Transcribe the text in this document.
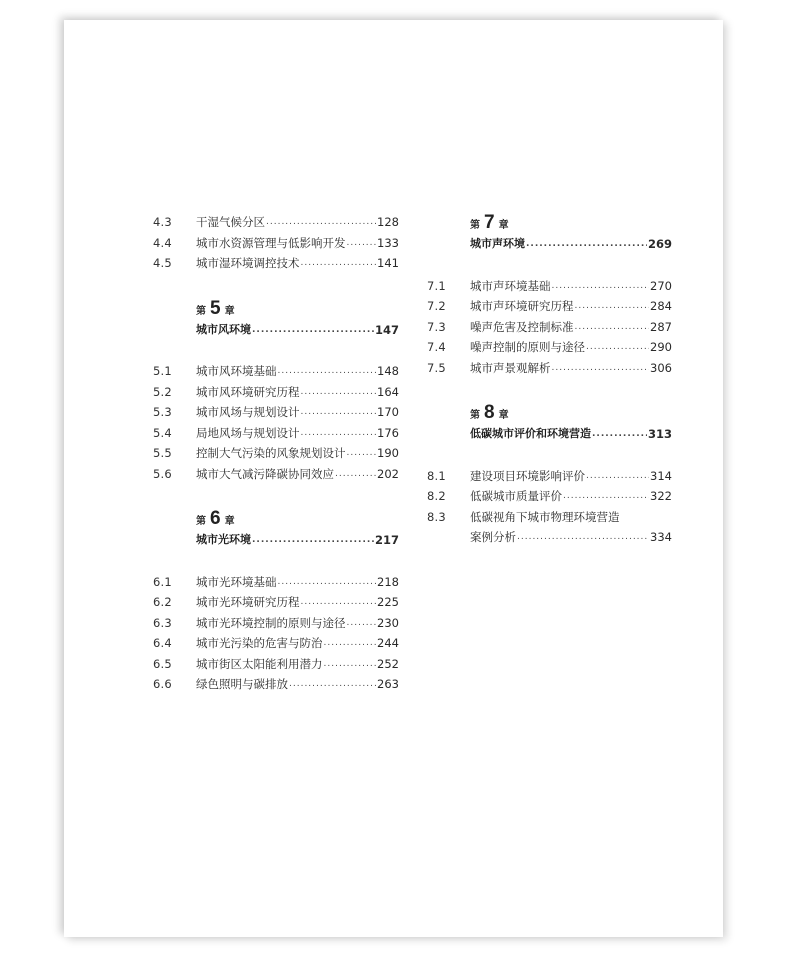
4.3	干湿气候分区 .....	128
4.4	城市水资源管理与低影响开发 .....	133
4.5	城市湿环境调控技术 .....	141
第 5 章
城市风环境 .....	147
5.1	城市风环境基础 .....	148
5.2	城市风环境研究历程 .....	164
5.3	城市风场与规划设计 .....	170
5.4	局地风场与规划设计 .....	176
5.5	控制大气污染的风象规划设计 .....	190
5.6	城市大气减污降碳协同效应 .....	202
第 6 章
城市光环境 .....	217
6.1	城市光环境基础 .....	218
6.2	城市光环境研究历程 .....	225
6.3	城市光环境控制的原则与途径 .....	230
6.4	城市光污染的危害与防治 .....	244
6.5	城市街区太阳能利用潜力 .....	252
6.6	绿色照明与碳排放 .....	263
第 7 章
城市声环境 .....	269
7.1	城市声环境基础 .....	270
7.2	城市声环境研究历程 .....	284
7.3	噪声危害及控制标准 .....	287
7.4	噪声控制的原则与途径 .....	290
7.5	城市声景观解析 .....	306
第 8 章
低碳城市评价和环境营造 .....	313
8.1	建设项目环境影响评价 .....	314
8.2	低碳城市质量评价 .....	322
8.3	低碳视角下城市物理环境营造
案例分析 .....	334
